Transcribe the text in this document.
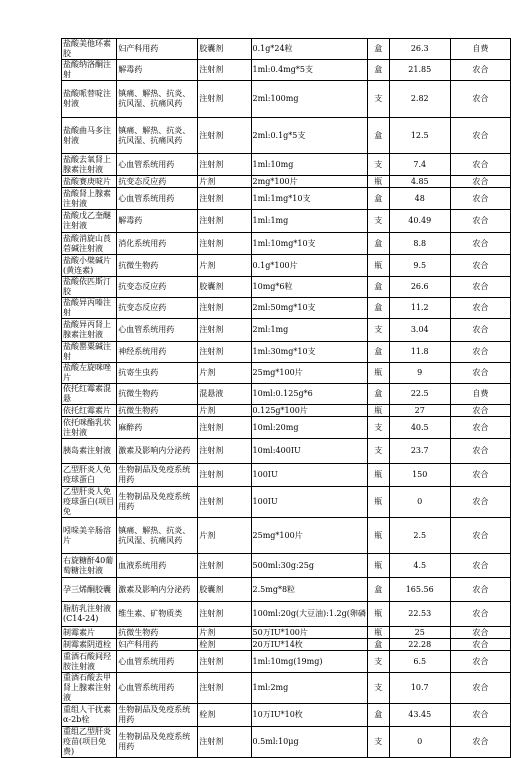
盐酸美他环素胶	妇产科用药	胶囊剂	0.1g*24粒	盒	26.3	自费
盐酸纳洛酮注射	解毒药	注射剂	1ml:0.4mg*5支	盒	21.85	农合
盐酸哌替啶注射液	镇痛、解热、抗炎、抗风湿、抗痛风药	注射剂	2ml:100mg	支	2.82	农合
盐酸曲马多注射液	镇痛、解热、抗炎、抗风湿、抗痛风药	注射剂	2ml:0.1g*5支	盒	12.5	农合
盐酸去氧肾上腺素注射液	心血管系统用药	注射剂	1ml:10mg	支	7.4	农合
盐酸赛庚啶片	抗变态反应药	片剂	2mg*100片	瓶	4.85	农合
盐酸肾上腺素注射液	心血管系统用药	注射剂	1ml:1mg*10支	盒	48	农合
盐酸戊乙奎醚注射液	解毒药	注射剂	1ml:1mg	支	40.49	农合
盐酸消旋山莨菪碱注射液	消化系统用药	注射剂	1ml:10mg*10支	盒	8.8	农合
盐酸小檗碱片(黄连素)	抗微生物药	片剂	0.1g*100片	瓶	9.5	农合
盐酸依匹斯汀胶	抗变态反应药	胶囊剂	10mg*6粒	盒	26.6	农合
盐酸异丙嗪注射	抗变态反应药	注射剂	2ml:50mg*10支	盒	11.2	农合
盐酸异丙肾上腺素注射液	心血管系统用药	注射剂	2ml:1mg	支	3.04	农合
盐酸罂粟碱注射	神经系统用药	注射剂	1ml:30mg*10支	盒	11.8	农合
盐酸左旋咪唑片	抗寄生虫药	片剂	25mg*100片	瓶	9	农合
依托红霉素混悬	抗微生物药	混悬液	10ml:0.125g*6	盒	22.5	自费
依托红霉素片	抗微生物药	片剂	0.125g*100片	瓶	27	农合
依托咪酯乳状注射液	麻醉药	注射剂	10ml:20mg	支	40.5	农合
胰岛素注射液	激素及影响内分泌药	注射剂	10ml:400IU	支	23.7	农合
乙型肝炎人免疫球蛋白	生物制品及免疫系统用药	注射剂	100IU	瓶	150	农合
乙型肝炎人免疫球蛋白(项目免	生物制品及免疫系统用药	注射剂	100IU	瓶	0	农合
吲哚美辛肠溶片	镇痛、解热、抗炎、抗风湿、抗痛风药	片剂	25mg*100片	瓶	2.5	农合
右旋糖酐40葡萄糖注射液	血液系统用药	注射剂	500ml:30g:25g	瓶	4.5	农合
孕三烯酮胶囊	激素及影响内分泌药	胶囊剂	2.5mg*8粒	盒	165.56	农合
脂肪乳注射液(C14-24)	维生素、矿物质类	注射剂	100ml:20g(大豆油):1.2g(卵磷	瓶	22.53	农合
制霉素片	抗微生物药	片剂	50万IU*100片	瓶	25	农合
制霉素阴道栓	妇产科用药	栓剂	20万IU*14枚	盒	22.28	农合
重酒石酸间羟胺注射液	心血管系统用药	注射剂	1ml:10mg(19mg)	支	6.5	农合
重酒石酸去甲肾上腺素注射液	心血管系统用药	注射剂	1ml:2mg	支	10.7	农合
重组人干扰素α-2b栓	生物制品及免疫系统用药	栓剂	10万IU*10枚	盒	43.45	农合
重组乙型肝炎疫苗(项目免费)	生物制品及免疫系统用药	注射剂	0.5ml:10μg	支	0	农合
